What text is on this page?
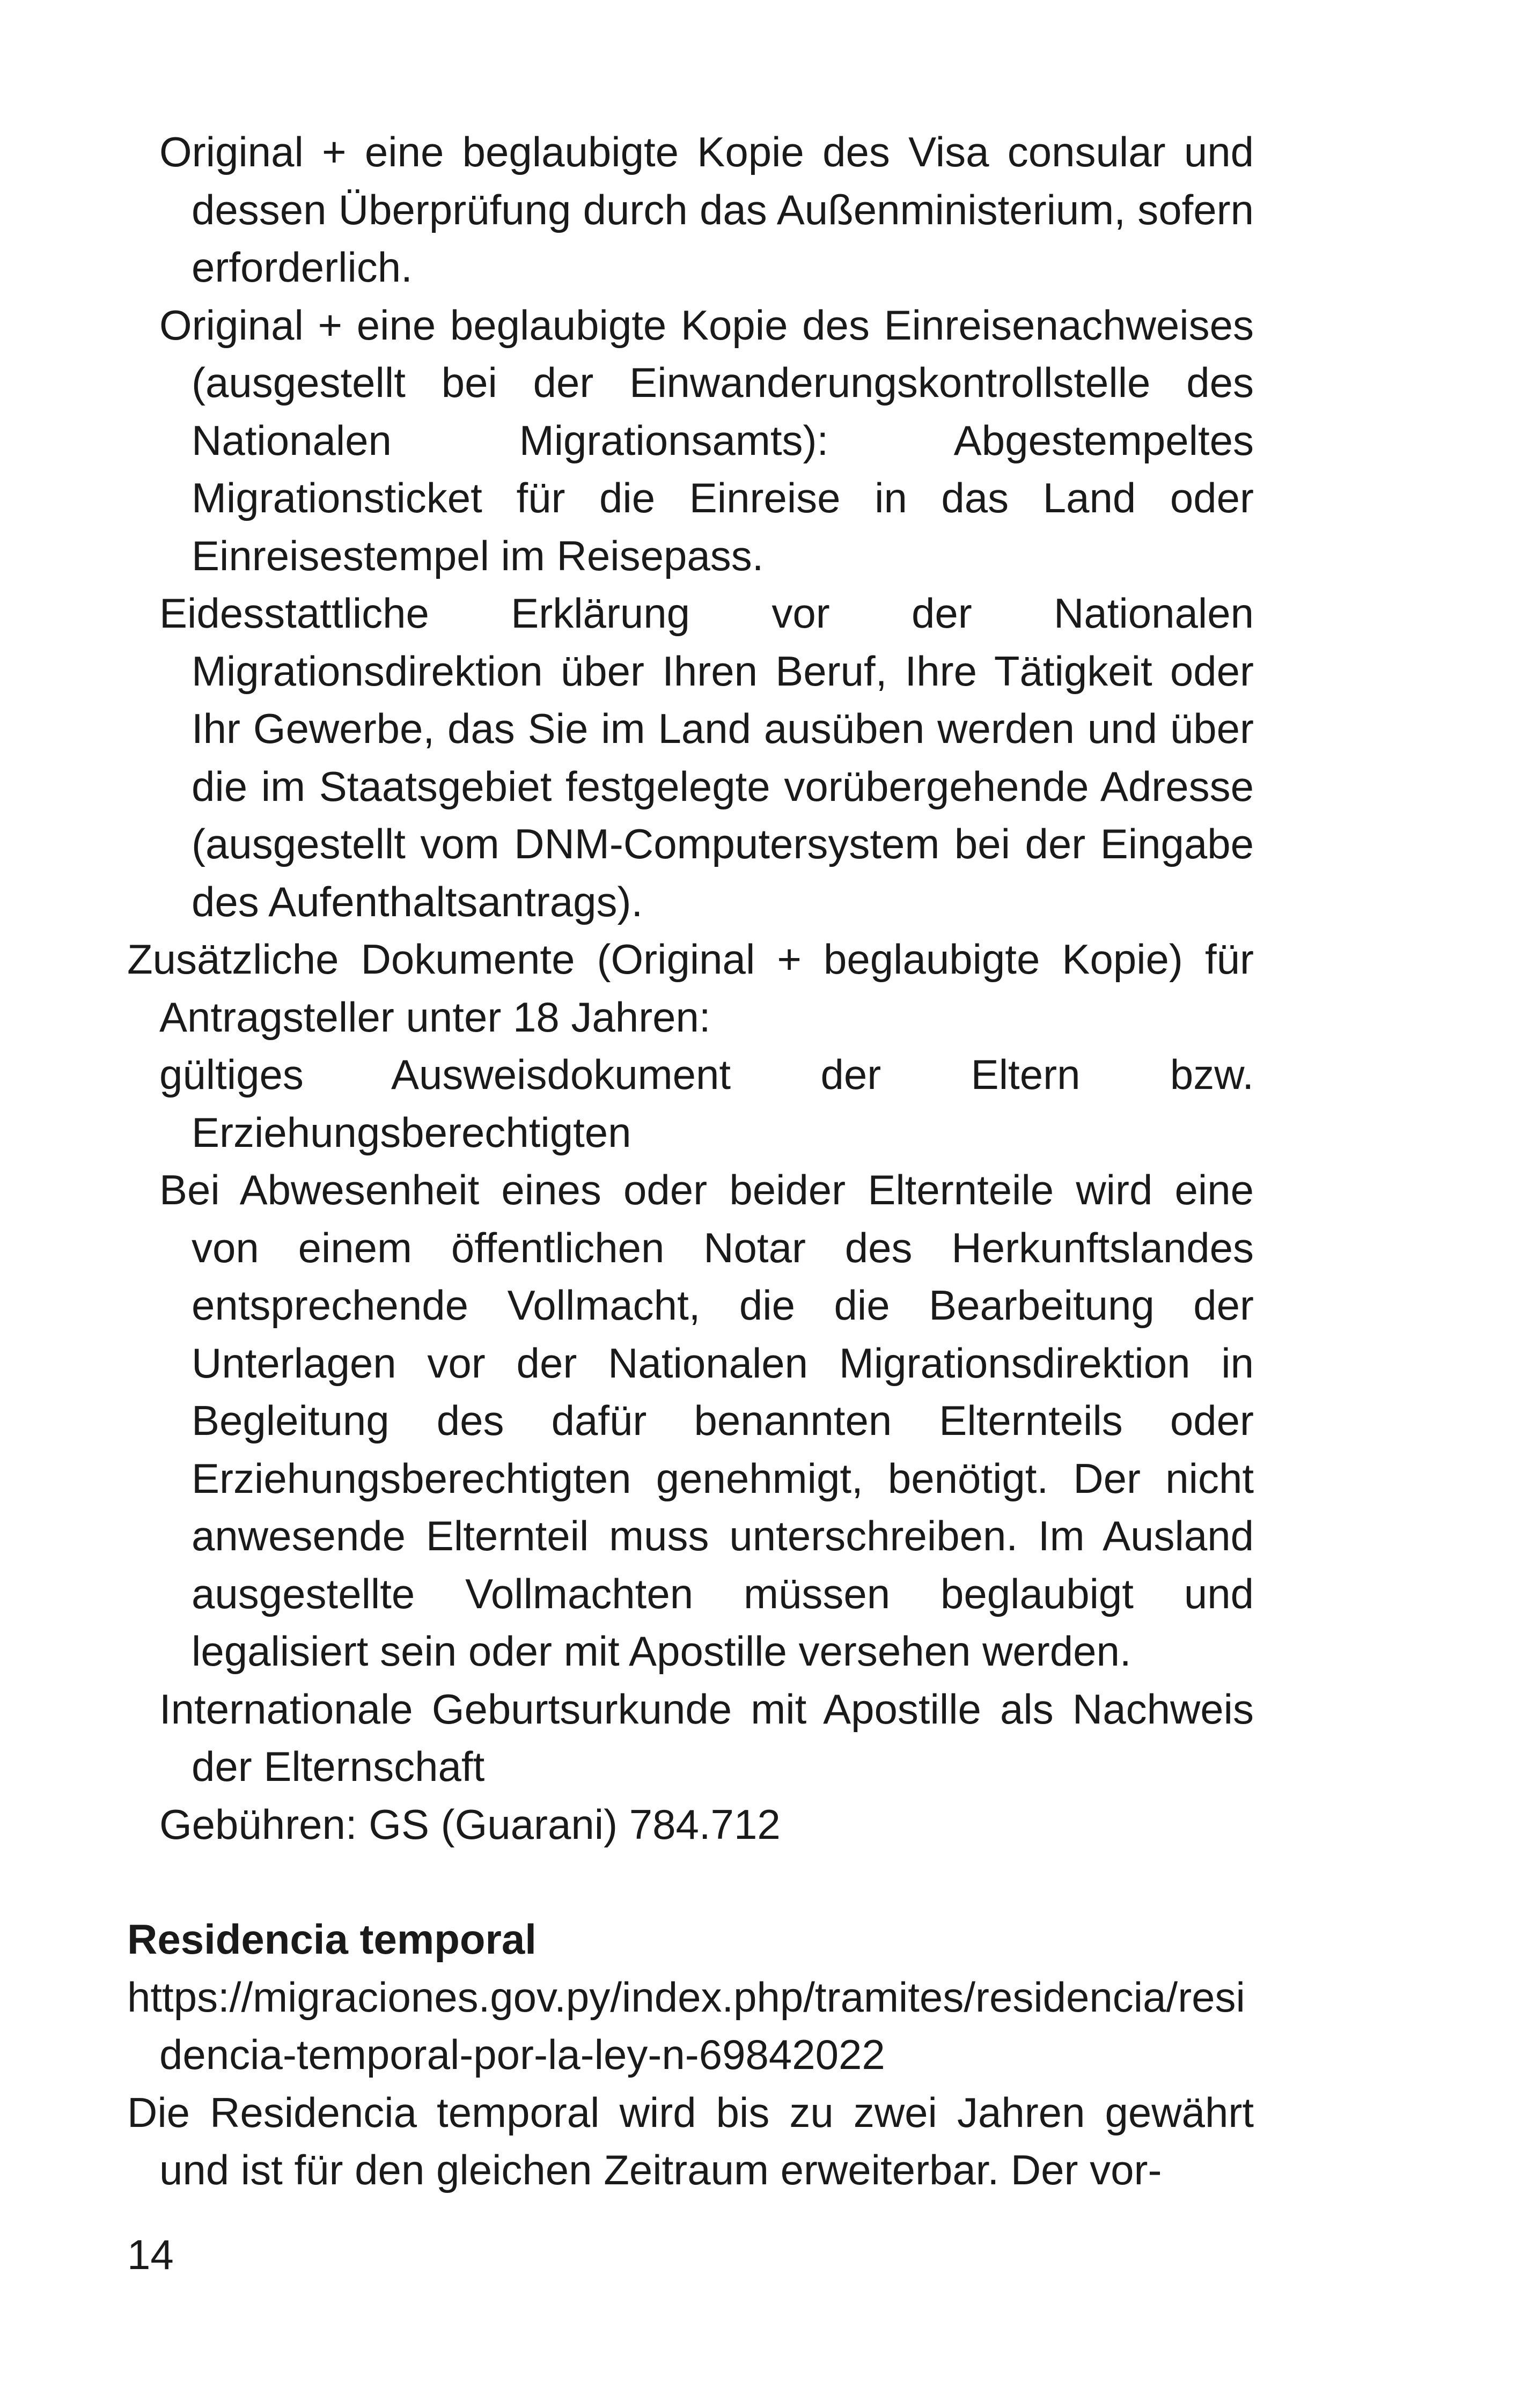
Original + eine beglaubigte Kopie des Visa consular und dessen Überprüfung durch das Außenministerium, sofern erforderlich.

Original + eine beglaubigte Kopie des Einreisenachweises (ausgestellt bei der Einwanderungskontrollstelle des Nationalen Migrationsamts): Abgestempeltes Migrationsticket für die Einreise in das Land oder Einreisestempel im Reisepass.

Eidesstattliche Erklärung vor der Nationalen Migrationsdirektion über Ihren Beruf, Ihre Tätigkeit oder Ihr Gewerbe, das Sie im Land ausüben werden und über die im Staatsgebiet festgelegte vorübergehende Adresse (ausgestellt vom DNM-Computersystem bei der Eingabe des Aufenthaltsantrags).

Zusätzliche Dokumente (Original + beglaubigte Kopie) für Antragsteller unter 18 Jahren:

gültiges Ausweisdokument der Eltern bzw. Erziehungsberechtigten

Bei Abwesenheit eines oder beider Elternteile wird eine von einem öffentlichen Notar des Herkunftslandes entsprechende Vollmacht, die die Bearbeitung der Unterlagen vor der Nationalen Migrationsdirektion in Begleitung des dafür benannten Elternteils oder Erziehungsberechtigten genehmigt, benötigt. Der nicht anwesende Elternteil muss unterschreiben. Im Ausland ausgestellte Vollmachten müssen beglaubigt und legalisiert sein oder mit Apostille versehen werden.

Internationale Geburtsurkunde mit Apostille als Nachweis der Elternschaft

Gebühren: GS (Guarani) 784.712

Residencia temporal

https://migraciones.gov.py/index.php/tramites/residencia/residencia-temporal-por-la-ley-n-69842022

Die Residencia temporal wird bis zu zwei Jahren gewährt und ist für den gleichen Zeitraum erweiterbar. Der vor-

14
